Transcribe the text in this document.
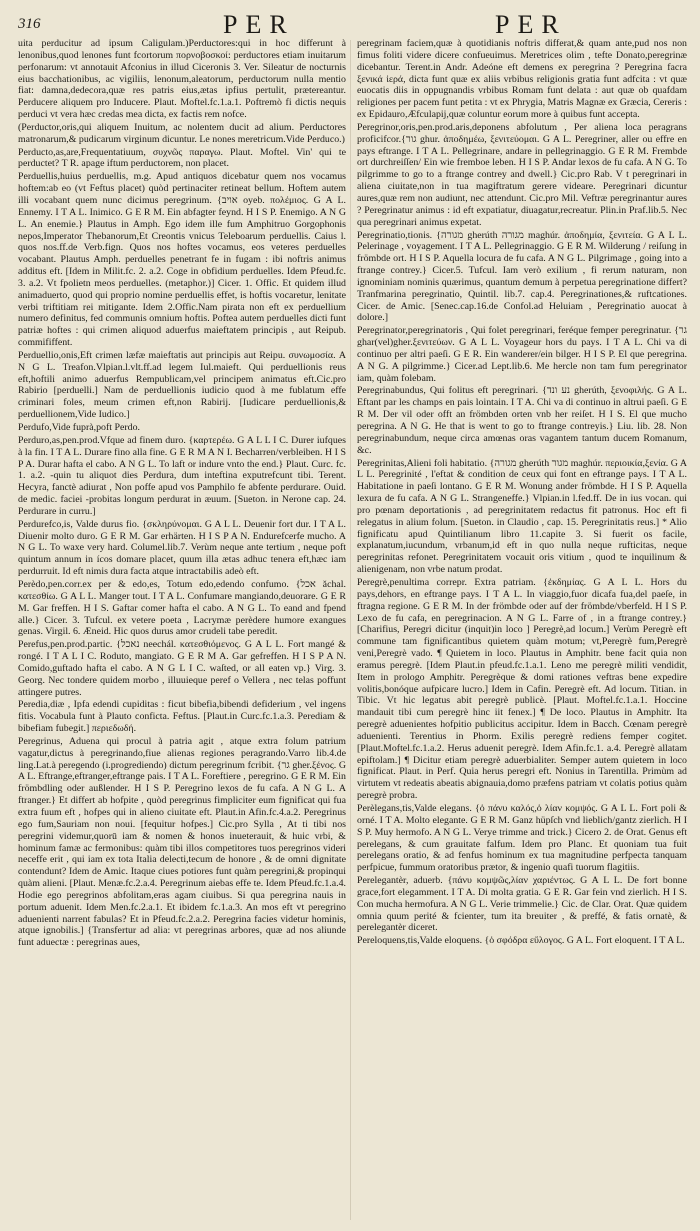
316	PER	PER

uita perducitur ad ipsum Caligulam.)Perductores:qui in hoc differunt à lenonibus,quod lenones funt fcortorum πορνοβοσκοί: perductores etiam inuitarum perfonarum: vt annotauit Afconius in illud Ciceronis 3. Ver. Sileatur de nocturnis eius bacchationibus, ac vigiliis, lenonum,aleatorum, perductorum nulla mentio fiat: damna,dedecora,quæ res patris eius,ætas ipfius pertulit, prætereantur. Perducere aliquem pro Inducere. Plaut. Moftel.fc.1.a.1. Poftremò fi dictis nequis perduci vt vera hæc credas mea dicta, ex factis rem nofce.

(Perductor,oris,qui aliquem Inuitum, ac nolentem ducit ad alium. Perductores matronarum,& pudicarum virginum dicuntur. Le nones meretricum.Vide Perduco.)

Perducto,as,are,Frequentatiuum, συχνῶς παραγω. Plaut. Moftel. Vin' qui te perductet? Τ R. apage iftum perductorem, non placet.

Perduellis,huius perduellis, m.g. Apud antiquos dicebatur quem nos vocamus hoftem:ab eo (vt Feftus placet) quòd pertinaciter retineat bellum. Hoftem autem illi vocabant quem nunc dicimus peregrinum. {אויב oyeb. πολέμιος. G A L. Ennemy. I T A L. Inimico. G E R M. Ein abfagter feynd. H I S P. Enemigo. A N G L. An enemie.} Plautus in Amph. Ego idem ille fum Amphitruo Gorgophonis nepos,Imperator Thebanorum,Et Creontis vnicus Teleboarum perduellis. Caius l. quos nos.ff.de Verb.fign. Quos nos hoftes vocamus, eos veteres perduelles vocabant. Plautus Amph. perduelles penetrant fe in fugam : ibi noftris animus additus eft. [Idem in Milit.fc. 2. a.2. Coge in obfidium perduelles. Idem Pfeud.fc. 3. a.2. Vt fpolietn meos perduelles. (metaphor.)] Cicer. 1. Offic. Et quidem illud animaduerto, quod qui proprio nomine perduellis effet, is hoftis vocaretur, lenitate verbi triftitiam rei mitigante. Idem 2.Offic.Nam pirata non eft ex perduellium numero definitus, fed communis omnium hoftis. Poftea autem perduelles dicti funt patriæ hoftes : qui crimen aliquod aduerfus maieftatem principis , aut Reipub. commififfent.

Perduellio,onis,Eft crimen læfæ maieftatis aut principis aut Reipu. συνωμοσία. A N G L. Treafon.Vlpian.l.vlt.ff.ad legem Iul.maieft. Qui perduellionis reus eft,hoftili animo aduerfus Rempublicam,vel principem animatus eft.Cic.pro Rabirio [perduelli.] Nam de perduellionis iudicio quod à me fublatum effe criminari foles, meum crimen eft,non Rabirij. [Iudicare perduellionis,& perduellionem,Vide Iudico.]

Perdufo,Vide fuprà,poft Perdo.

Perduro,as,pen.prod.Vfque ad finem duro. {καρτερέω. G A L L I C. Durer iufques à la fin. I T A L. Durare fino alla fine. G E R M A N I. Becharren/verbleiben. H I S P A. Durar hafta el cabo. A N G L. To laft or indure vnto the end.} Plaut. Curc. fc. 1. a.2. -quin tu aliquot dies Perdura, dum inteftina exputrefcunt tibi. Terent. Hecyra, fanctè adiurat , Non poffe apud vos Pamphilo fe abfente perdurare. Ouid. de medic. faciei -probitas longum perdurat in æuum. [Sueton. in Nerone cap. 24. Perdurare in curru.]

Perdurefco,is, Valde durus fio. {σκληρύνομαι. G A L L. Deuenir fort dur. I T A L. Diuenir molto duro. G E R M. Gar erhärten. H I S P A N. Endurefcerfe mucho. A N G L. To waxe very hard. Columel.lib.7. Verùm neque ante tertium , neque poft quintum annum in ícos domare placet, quum illa ætas adhuc tenera eft,hæc iam perdurruit. Id eft nimis dura facta atque intractabilis adeò eft.

Perèdo,pen.corr.ex per & edo,es, Totum edo,edendo confumo. {אכל ăchal. κατεσθίω. G A L L. Manger tout. I T A L. Confumare mangiando,deuorare. G E R M. Gar freffen. H I S. Gaftar comer hafta el cabo. A N G L. To eand and fpend alle.} Cicer. 3. Tufcul. ex vetere poeta , Lacrymæ perèdere humore exangues genas. Virgil. 6. Æneid. Hic quos durus amor crudeli tabe peredit.

Perefus,pen.prod.partic. {נאכל neechál. κατεσθιόμενος. G A L L. Fort mangé & rongé. I T A L I C. Roduto, mangiato. G E R M A. Gar gefreffen. H I S P A N. Comido,guftado hafta el cabo. A N G L I C. waſted, or all eaten vp.} Virg. 3. Georg. Nec tondere quidem morbo , illuuieque peref o Vellera , nec telas poffunt attingere putres.

Peredia,diæ , Ipfa edendi cupiditas : ficut bibefia,bibendi defiderium , vel ingens fitis. Vocabula funt à Plauto conficta. Feftus. [Plaut.in Curc.fc.1.a.3. Perediam & bibefiam fubegit.] περιεδωδή.

Peregrinus, Aduena qui procul à patria agit , atque extra folum patrium vagatur,dictus à peregrinando,fiue alienas regiones peragrando.Varro lib.4.de ling.Lat.à peregendo (i.progrediendo) dictum peregrinum fcribit. {גר gher.ξένος. G A L. Eftrange,eftranger,eftrange pais. I T A L. Foreftiere , peregrino. G E R M. Ein frömbdling oder außlender. H I S P. Peregrino lexos de fu cafa. A N G L. A ftranger.} Et differt ab hofpite , quòd peregrinus fimpliciter eum fignificat qui fua extra fuum eft , hofpes qui in alieno ciuitate eft. Plaut.in Afin.fc.4.a.2. Peregrinus ego fum,Sauriam non noui. [fequitur hofpes.] Cic.pro Sylla , At ti tibi nos peregrini videmur,quorū iam & nomen & honos inueterauit, & huic vrbi, & hominum famæ ac fermonibus: quàm tibi illos competitores tuos peregrinos videri neceffe erit , qui iam ex tota Italia delecti,tecum de honore , & de omni dignitate contendunt? Idem de Amic. Itaque ciues potiores funt quàm peregrini,& propinqui quàm alieni. [Plaut. Menæ.fc.2.a.4. Peregrinum aiebas effe te. Idem Pfeud.fc.1.a.4. Hodie ego peregrinos abfolitam,eras agam ciuibus. Si qua peregrina nauis in portum aduenit. Idem Men.fc.2.a.1. Et ibidem fc.1.a.3. An mos eft vt peregrino aduenienti narrent fabulas? Et in Pfeud.fc.2.a.2. Peregrina facies videtur hominis, atque ignobilis.] {Transfertur ad alia: vt peregrinas arbores, quæ ad nos aliunde funt aduectæ : peregrinas aues,

peregrinam faciem,quæ à quotidianis noftris differat,& quam ante,pud nos non fimus foliti videre dicere confueuimus. Meretrices olim , tefte Donato,peregrinæ dicebantur. Terent.in Andr. Adeóne eft demens ex peregrina ? Peregrina facra ξενικά ἱερά, dicta funt quæ ex aliis vrbibus religionis gratia funt adfcita : vt quæ euocatis diis in oppugnandis vrbibus Romam funt delata : aut quæ ob quafdam religiones per pacem funt petita : vt ex Phrygia, Matris Magnæ ex Græcia, Cereris : ex Epidauro,Æfculapij,quæ coluntur eorum more à quibus funt accepta.

Peregrinor,oris,pen.prod.aris,deponens abfolutum , Per aliena loca peragrans proficifcor.{גור ghur. ἀποδημέω, ξενιτεύομαι. G A L. Peregriner, aller ou effre en pays eftrange. I T A L. Pellegrinare, andare in pellegrinaggio. G E R M. Frembde ort durchreiſſen/ Ein wie fremboe leben. H I S P. Andar lexos de fu cafa. A N G. To pilgrimme to go to a ftrange contrey and dwell.} Cic.pro Rab. V t peregrinari in aliena ciuitate,non in tua magiftratum gerere videare. Peregrinari dicuntur aures,quæ rem non audiunt, nec attendunt. Cic.pro Mil. Veftræ peregrinantur aures ? Peregrinatur animus : id eft expatiatur, diuagatur,recreatur. Plin.in Praf.lib.5. Nec qua peregrinari animus expetat.

Peregrinatio,tionis. {מגורה gherúth מגורה maghúr. ἀποδημία, ξενιτεία. G A L L. Pelerinage , voyagement. I T A L. Pellegrinaggio. G E R M. Wilderung / reiſung in frömbde ort. H I S P. Aquella locura de fu cafa. A N G L. Pilgrimage , going into a ftrange contrey.} Cicer.5. Tufcul. Iam verò exilium , fi rerum naturam, non ignominiam nominis quærimus, quantum demum à perpetua peregrinatione differt? Tranfmarina peregrinatio, Quintil. lib.7. cap.4. Peregrinationes,& ruftcationes. Cicer. de Amic. [Senec.cap.16.de Confol.ad Heluiam , Peregrinatio auocat à dolore.]

Peregrinator,peregrinatoris , Qui folet peregrinari, feréque femper peregrinatur. {גר ghar(vel)gher.ξενιτεύων. G A L L. Voyageur hors du pays. I T A L. Chi va di continuo per altri paeſi. G E R. Ein wanderer/ein bilger. H I S P. El que peregrina. A N G. A pilgrimme.} Cicer.ad Lept.lib.6. Me hercle non tam fum peregrinator iam, quàm folebam.

Peregrinabundus, Qui folitus eft peregrinari. {נע ונד gherúth, ξενοφιλής. G A L. Eftant par les champs en pais lointain. I T A. Chi va di continuo in altrui paeſi. G E R M. Der vil oder offt an frömbden orten vnb her reiſet. H I S. El que mucho peregrina. A N G. He that is went to go to ftrange contreyis.} Liu. lib. 28. Non peregrinabundum, neque circa amœnas oras vagantem tantum ducem Romanum, &c.

Peregrinitas,Alieni foli habitatio. {מגורה gherúth מגור maghúr. περιοικία,ξενία. G A L L. Peregrinité , l'eftat & condition de ceux qui font en eftrange pays. I T A L. Habitatione in paeſi lontano. G E R M. Wonung ander frömbde. H I S P. Aquella lexura de fu cafa. A N G L. Strangeneffe.} Vlpian.in l.fed.ff. De in ius vocan. qui pro pœnam deportationis , ad peregrinitatem redactus fit patronus. Hoc eft fi relegatus in alium folum. [Sueton. in Claudio , cap. 15. Peregrinitatis reus.] * Alio fignificatu apud Quintilianum libro 11.capite 3. Si fuerit os facile, explanatum,iucundum, vrbanum,id eft in quo nulla neque rufticitas, neque peregrinitas refonet. Peregrinitatem vocauit oris vitium , quod te inquilinum & alienigenam, non vrbe natum prodat.

Peregrè,penultima correpr. Extra patriam. {ἐκδημίας. G A L L. Hors du pays,dehors, en eftrange pays. I T A L. In viaggio,fuor dicafa fua,del paeſe, in ftragna regione. G E R M. In der frömbde oder auf der frömbde/vberfeld. H I S P. Lexo de fu cafa, en peregrinacion. A N G L. Farre of , in a ftrange contrey.} [Charifius, Peregri dicitur (inquit)in loco ] Peregrè,ad locum.] Verùm Peregrè eft commune tam fignificantibus quietem quàm motum; vt,Peregrè fum,Peregrè veni,Peregrè vado. ¶ Quietem in loco. Plautus in Amphitr. bene facit quia non eramus peregrè. [Idem Plaut.in pfeud.fc.1.a.1. Leno me peregrè militi vendidit, Item in prologo Amphitr. Peregrèque & domi rationes veftras bene expedire volitis,bonóque aufpicare lucro.] Idem in Cafin. Peregrè eft. Ad locum. Titian. in Tibic. Vt hic legatus abit peregrè publicè. [Plaut. Moftel.fc.1.a.1. Hoccine mandauit tibi cum peregrè hinc iit fenex.] ¶ De loco. Plautus in Amphitr. Ita peregrè aduenientes hofpitio publicitus accipitur. Idem in Bacch. Cœnam peregrè aduenienti. Terentius in Phorm. Exilis peregrè rediens femper cogitet. [Plaut.Moftel.fc.1.a.2. Herus aduenit peregrè. Idem Afin.fc.1. a.4. Peregrè allatam epiftolam.] ¶ Dicitur etiam peregrè aduerbialiter. Semper autem quietem in loco fignificat. Plaut. in Perf. Quia herus peregri eft. Nonius in Tarentilla. Primùm ad virtutem vt redeatis abeatis abignauia,domo præfens patriam vt colatis potius quàm peregrè probra.

Perèlegans,tis,Valde elegans. {ὁ πάνυ καλός,ὁ λίαν κομψός. G A L L. Fort poli & orné. I T A. Molto elegante. G E R M. Ganz hüpſch vnd lieblich/gantz zierlich. H I S P. Muy hermofo. A N G L. Verye trimme and trick.} Cicero 2. de Orat. Genus eft perelegans, & cum grauitate falfum. Idem pro Planc. Et quoniam tua fuit perelegans oratio, & ad fenfus hominum ex tua magnitudine perfpecta tanquam perfpicue, fummum oratoribus prætor, & ingenio quafi tuorum flagitiis.

Perelegantèr, aduerb. {πάνυ κομψῶς,λίαν χαριέντως. G A L L. De fort bonne grace,fort elegamment. I T A. Di molta gratia. G E R. Gar fein vnd zierlich. H I S. Con mucha hermofura. A N G L. Verie trimmelie.} Cic. de Clar. Orat. Quæ quidem omnia quum perité & fcienter, tum ita breuiter , & preffé, & fatis ornatè, & perelegantèr diceret.

Pereloquens,tis,Valde eloquens. {ὁ σφόδρα εὔλογος. G A L. Fort eloquent. I T A L.
